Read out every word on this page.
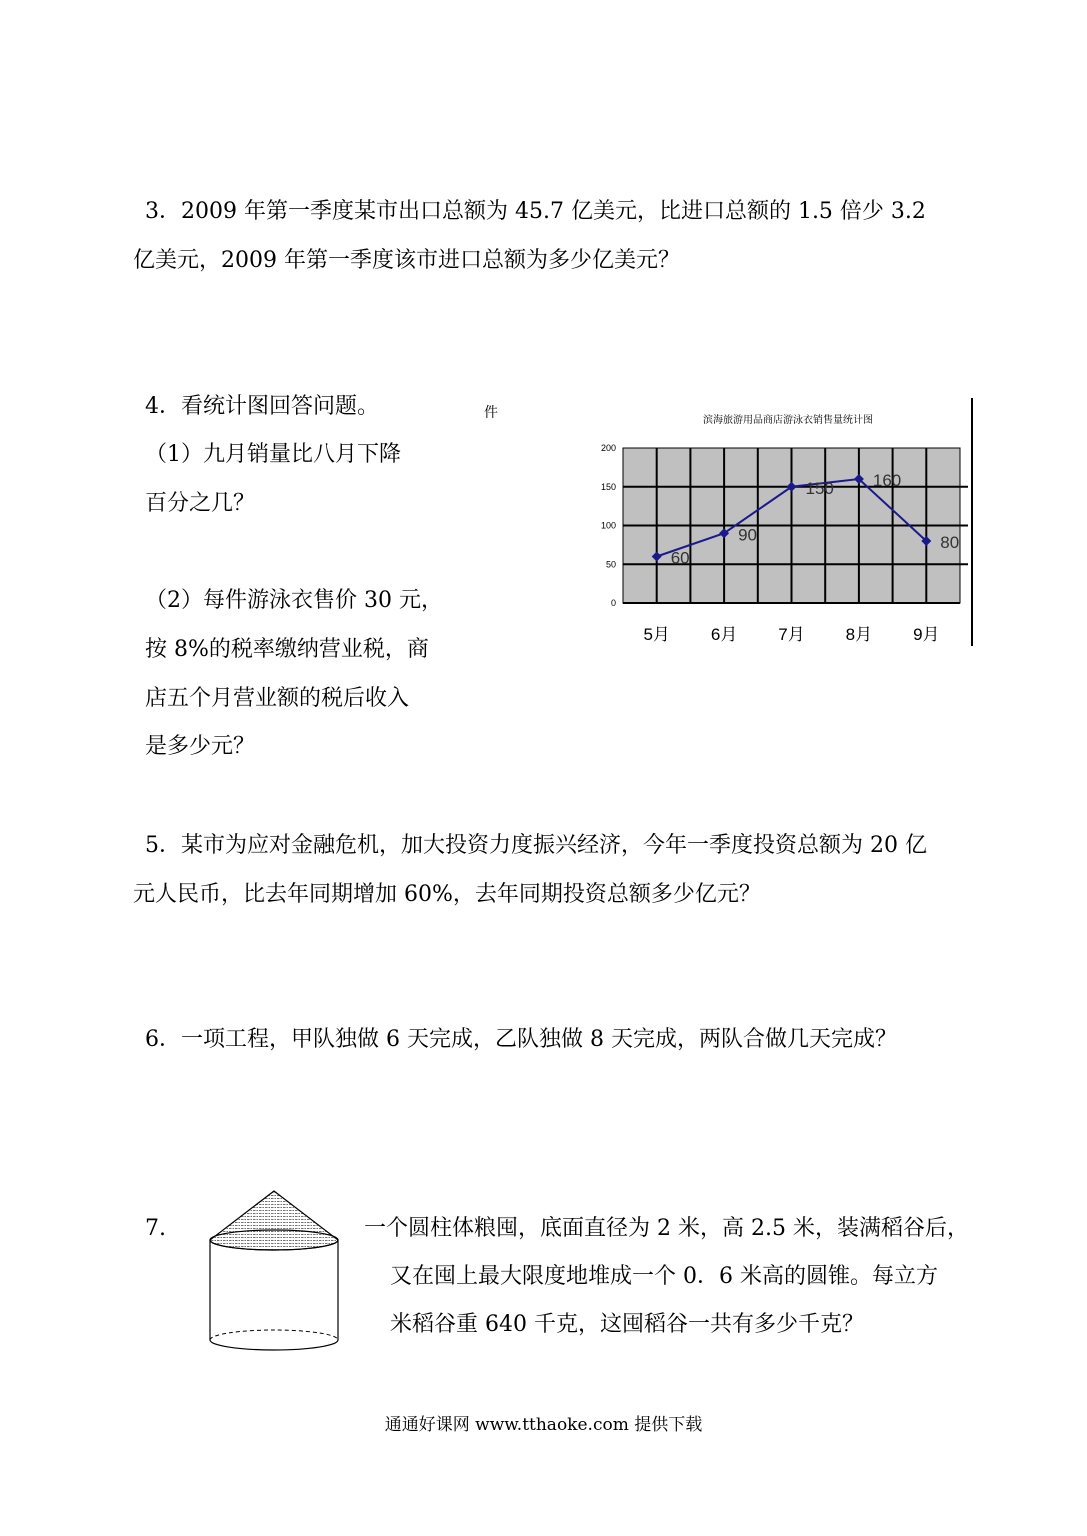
3．2009 年第一季度某市出口总额为 45.7 亿美元，比进口总额的 1.5 倍少 3.2
亿美元，2009 年第一季度该市进口总额为多少亿美元？
4．看统计图回答问题。
（1）九月销量比八月下降
百分之几？
（2）每件游泳衣售价 30 元，
按 8%的税率缴纳营业税，商
店五个月营业额的税后收入
是多少元？
件
滨海旅游用品商店游泳衣销售量统计图
0
50
100
150
200
5月 6月 7月 8月 9月
60
90
150 160
80
5．某市为应对金融危机，加大投资力度振兴经济，今年一季度投资总额为 20 亿
元人民币，比去年同期增加 60%，去年同期投资总额多少亿元？
6．一项工程，甲队独做 6 天完成，乙队独做 8 天完成，两队合做几天完成？
7.	一个圆柱体粮囤，底面直径为 2 米，高 2.5 米，装满稻谷后，
又在囤上最大限度地堆成一个 0．6 米高的圆锥。每立方
米稻谷重 640 千克，这囤稻谷一共有多少千克？
通通好课网 www.tthaoke.com 提供下载
